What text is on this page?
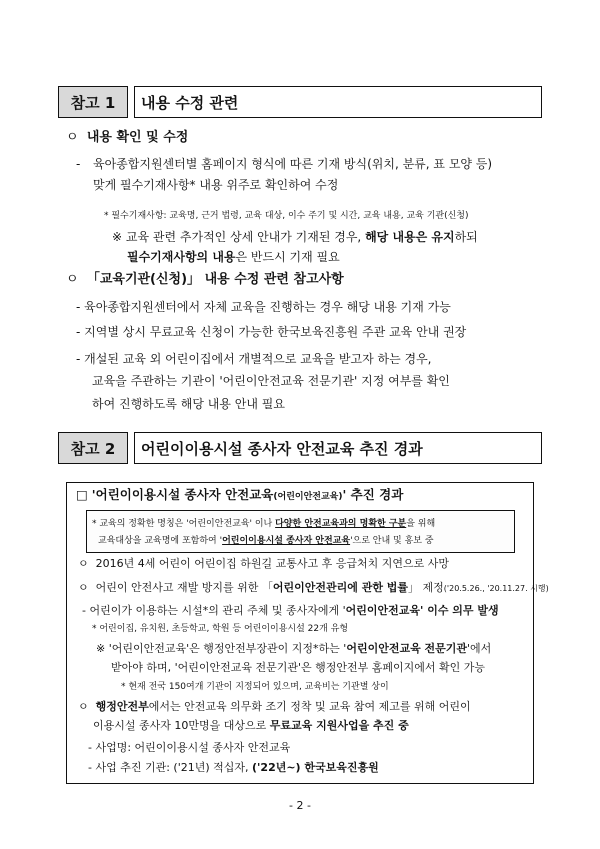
참고 1	내용 수정 관련
ㅇ 내용 확인 및 수정
- 육아종합지원센터별 홈페이지 형식에 따른 기재 방식(위치, 분류, 표 모양 등)
맞게 필수기재사항* 내용 위주로 확인하여 수정
* 필수기재사항: 교육명, 근거 법령, 교육 대상, 이수 주기 및 시간, 교육 내용, 교육 기관(신청)
※ 교육 관련 추가적인 상세 안내가 기재된 경우, 해당 내용은 유지하되
필수기재사항의 내용은 반드시 기재 필요
ㅇ 「교육기관(신청)」 내용 수정 관련 참고사항
- 육아종합지원센터에서 자체 교육을 진행하는 경우 해당 내용 기재 가능
- 지역별 상시 무료교육 신청이 가능한 한국보육진흥원 주관 교육 안내 권장
- 개설된 교육 외 어린이집에서 개별적으로 교육을 받고자 하는 경우,
교육을 주관하는 기관이 '어린이안전교육 전문기관' 지정 여부를 확인
하여 진행하도록 해당 내용 안내 필요
참고 2	어린이이용시설 종사자 안전교육 추진 경과
□ '어린이이용시설 종사자 안전교육(어린이안전교육)' 추진 경과
* 교육의 정확한 명칭은 '어린이안전교육' 이나 다양한 안전교육과의 명확한 구분을 위해
교육대상을 교육명에 포함하여 '어린이이용시설 종사자 안전교육'으로 안내 및 홍보 중
ㅇ  2016년 4세 어린이 어린이집 하원길 교통사고 후 응급처치 지연으로 사망
ㅇ  어린이 안전사고 재발 방지를 위한 「어린이안전관리에 관한 법률」 제정('20.5.26., '20.11.27. 시행)
- 어린이가 이용하는 시설*의 관리 주체 및 종사자에게 '어린이안전교육' 이수 의무 발생
* 어린이집, 유치원, 초등학교, 학원 등 어린이이용시설 22개 유형
※ '어린이안전교육'은 행정안전부장관이 지정*하는 '어린이안전교육 전문기관'에서
받아야 하며, '어린이안전교육 전문기관'은 행정안전부 홈페이지에서 확인 가능
* 현재 전국 150여개 기관이 지정되어 있으며, 교육비는 기관별 상이
ㅇ  행정안전부에서는 안전교육 의무화 조기 정착 및 교육 참여 제고를 위해 어린이
이용시설 종사자 10만명을 대상으로 무료교육 지원사업을 추진 중
- 사업명: 어린이이용시설 종사자 안전교육
- 사업 추진 기관: ('21년) 적십자, ('22년~) 한국보육진흥원
- 2 -
